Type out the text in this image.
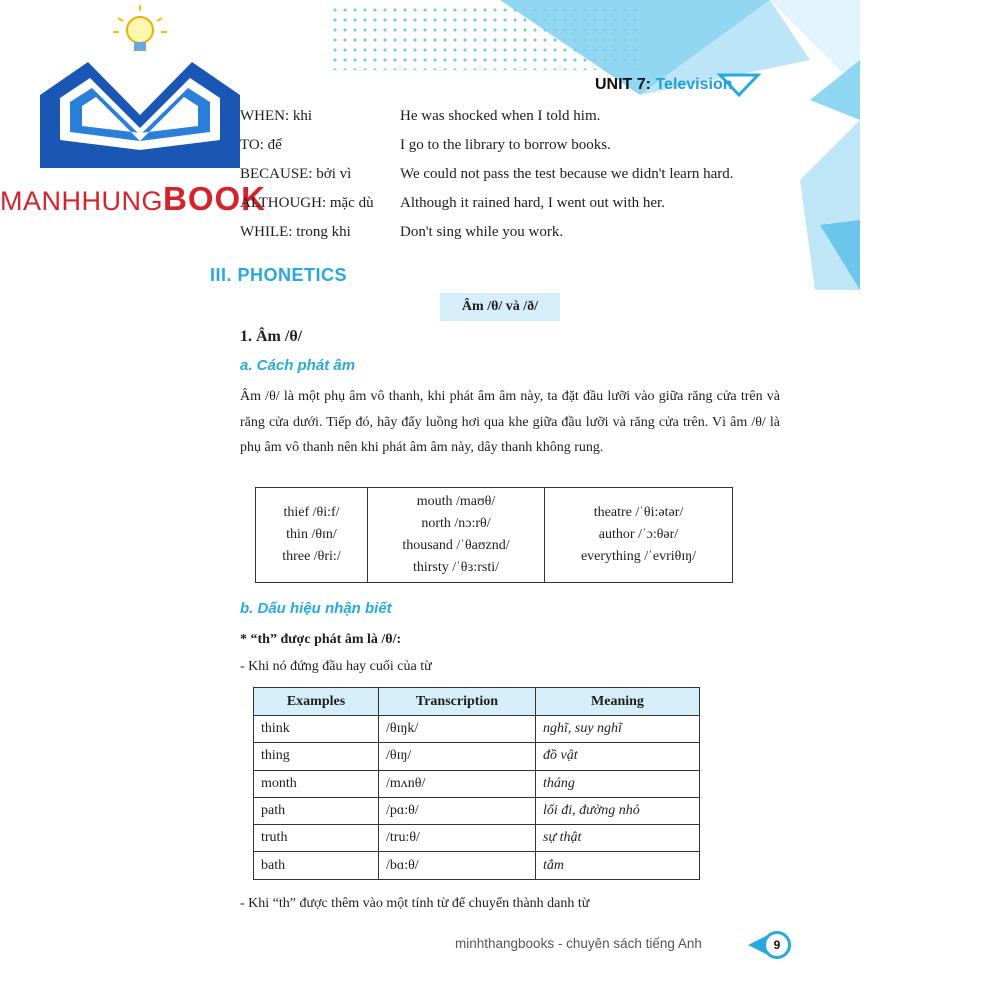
MANHHUNGBOOK
UNIT 7: Television
WHEN: khi	He was shocked when I told him.
TO: để	I go to the library to borrow books.
BECAUSE: bởi vì	We could not pass the test because we didn't learn hard.
ALTHOUGH: mặc dù Although it rained hard, I went out with her.
WHILE: trong khi	Don't sing while you work.
III. PHONETICS
Âm /θ/ và /ð/
1. Âm /θ/
a. Cách phát âm
Âm /θ/ là một phụ âm vô thanh, khi phát âm âm này, ta đặt đầu lưỡi vào giữa răng cửa trên và răng cửa dưới. Tiếp đó, hãy đẩy luồng hơi qua khe giữa đầu lưỡi và răng cửa trên. Vì âm /θ/ là phụ âm vô thanh nên khi phát âm âm này, dây thanh không rung.
thief /θi:f/
thin /θɪn/
three /θri:/

mouth /maʊθ/
north /nɔ:rθ/
thousand /ˈθaʊznd/
thirsty /ˈθɜ:rsti/

theatre /ˈθi:ətər/
author /ˈɔ:θər/
everything /ˈevriθɪŋ/
b. Dấu hiệu nhận biết
* “th” được phát âm là /θ/:
- Khi nó đứng đầu hay cuối của từ
Examples	Transcription	Meaning
think	/θɪŋk/	nghĩ, suy nghĩ
thing	/θɪŋ/	đồ vật
month	/mʌnθ/	tháng
path	/pɑ:θ/	lối đi, đường nhỏ
truth	/tru:θ/	sự thật
bath	/bɑ:θ/	tắm
- Khi “th” được thêm vào một tính từ để chuyển thành danh từ
minhthangbooks - chuyên sách tiếng Anh	9
